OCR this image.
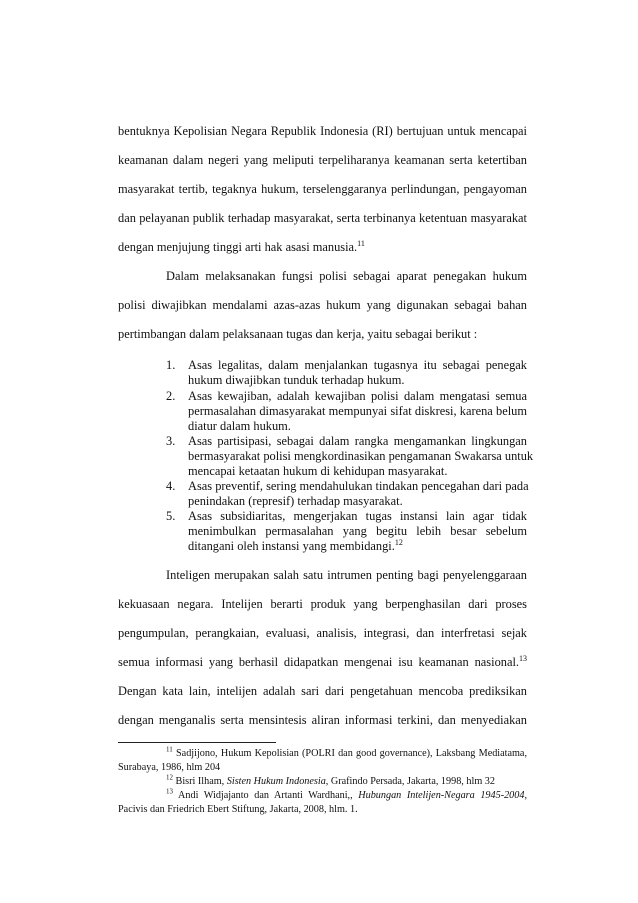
bentuknya Kepolisian Negara Republik Indonesia (RI) bertujuan untuk mencapai
keamanan dalam negeri yang meliputi terpeliharanya keamanan serta ketertiban
masyarakat tertib, tegaknya hukum, terselenggaranya perlindungan, pengayoman
dan pelayanan publik terhadap masyarakat, serta terbinanya ketentuan masyarakat
dengan menjujung tinggi arti hak asasi manusia.$^{11}$
Dalam melaksanakan fungsi polisi sebagai aparat penegakan hukum
polisi diwajibkan mendalami azas-azas hukum yang digunakan sebagai bahan
pertimbangan dalam pelaksanaan tugas dan kerja, yaitu sebagai berikut :
1. Asas legalitas, dalam menjalankan tugasnya itu sebagai penegak
hukum diwajibkan tunduk terhadap hukum.
2. Asas kewajiban, adalah kewajiban polisi dalam mengatasi semua
permasalahan dimasyarakat mempunyai sifat diskresi, karena belum
diatur dalam hukum.
3. Asas partisipasi, sebagai dalam rangka mengamankan lingkungan
bermasyarakat polisi mengkordinasikan pengamanan Swakarsa untuk
mencapai ketaatan hukum di kehidupan masyarakat.
4. Asas preventif, sering mendahulukan tindakan pencegahan dari pada
penindakan (represif) terhadap masyarakat.
5. Asas subsidiaritas, mengerjakan tugas instansi lain agar tidak
menimbulkan permasalahan yang begitu lebih besar sebelum
ditangani oleh instansi yang membidangi.$^{12}$
Inteligen merupakan salah satu intrumen penting bagi penyelenggaraan
kekuasaan negara. Intelijen berarti produk yang berpenghasilan dari proses
pengumpulan, perangkaian, evaluasi, analisis, integrasi, dan interfretasi sejak
semua informasi yang berhasil didapatkan mengenai isu keamanan nasional.$^{13}$
Dengan kata lain, intelijen adalah sari dari pengetahuan mencoba prediksikan
dengan menganalis serta mensintesis aliran informasi terkini, dan menyediakan
$^{11}$ Sadjijono, Hukum Kepolisian (POLRI dan good governance), Laksbang Mediatama,
Surabaya, 1986, hlm 204
$^{12}$ Bisri Ilham, Sisten Hukum Indonesia, Grafindo Persada, Jakarta, 1998, hlm 32
$^{13}$ Andi Widjajanto dan Artanti Wardhani,, Hubungan Intelijen-Negara 1945-2004,
Pacivis dan Friedrich Ebert Stiftung, Jakarta, 2008, hlm. 1.
